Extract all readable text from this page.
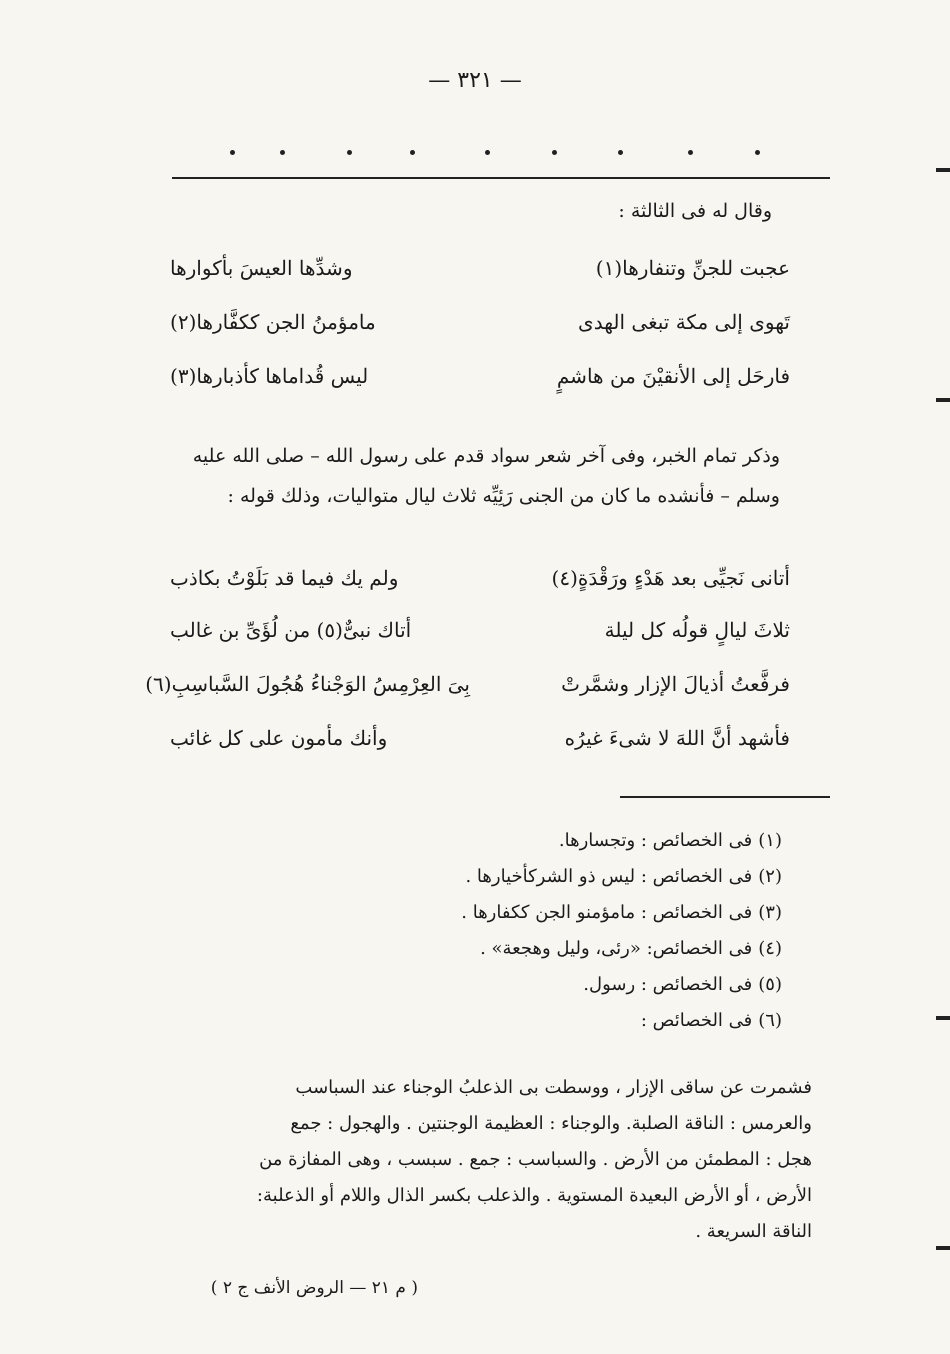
— ٣٢١ —
وقال له فى الثالثة :
عجبت للجنِّ وتنفارها(١)
وشدِّها العيسَ بأكوارها
تَهوى إلى مكة تبغى الهدى
مامؤمنُ الجن ككفَّارها(٢)
فارحَل إلى الأنقيْنَ من هاشمٍ
ليس قُداماها كأذبارها(٣)

وذكر تمام الخبر، وفى آخر شعر سواد قدم على رسول الله – صلى الله عليه

وسلم – فأنشده ما كان من الجنى رَئِيِّه ثلاث ليال متواليات، وذلك قوله :

أتانى نَجيِّى بعد هَدْءٍ ورَقْدَةٍ(٤)
ولم يك فيما قد بَلَوْتُ بكاذب
ثلاثَ ليالٍ قولُه كل ليلة
أتاك نبىٌّ(٥) من لُؤَىِّ بن غالب
فرفَّعتُ أذيالَ الإزار وشمَّرتْ
بِىَ العِرْمِسُ الوَجْناءُ هُجُولَ السَّباسِبِ(٦)
فأشهد أنَّ اللهَ لا شىءَ غيرُه
وأنك مأمون على كل غائب
(١)
فى الخصائص : وتجسارها.
(٢)
فى الخصائص : ليس ذو الشركأخيارها .
(٣)
فى الخصائص : مامؤمنو الجن ككفارها .
(٤)
فى الخصائص: «رئى، وليل وهجعة» .
(٥)
فى الخصائص : رسول.
(٦)
فى الخصائص :
فشمرت عن ساقى الإزار ، ووسطت بى الذعلبُ الوجناء عند السباسب
والعرمس : الناقة الصلبة. والوجناء : العظيمة الوجنتين . والهجول : جمع
هجل : المطمئن من الأرض . والسباسب : جمع . سبسب ، وهى المفازة من
الأرض ، أو الأرض البعيدة المستوية . والذعلب بكسر الذال واللام أو الذعلبة:
الناقة السريعة .
( م ٢١ — الروض الأنف ج ٢ )
